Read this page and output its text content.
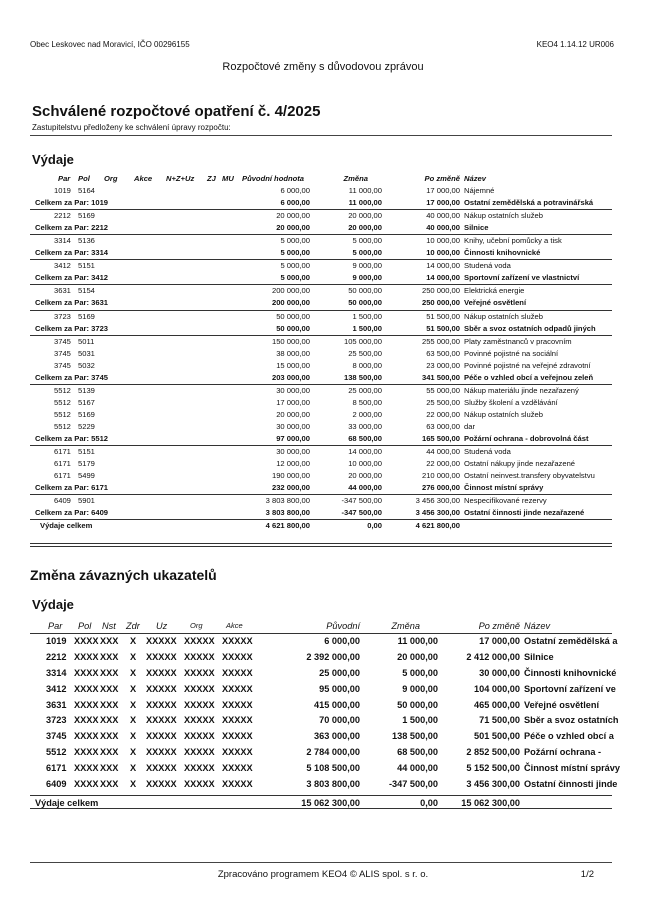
Obec Leskovec nad Moravicí, IČO 00296155	KEO4 1.14.12 UR006
Rozpočtové změny s důvodovou zprávou
Schválené rozpočtové opatření č. 4/2025
Zastupitelstvu předloženy ke schválení úpravy rozpočtu:
Výdaje
Par Pol Org Akce N+Z+Uz ZJ MU Původní hodnota	Změna	Po změně Název
1019 5164	6 000,00	11 000,00	17 000,00 Nájemné
Celkem za Par: 1019	6 000,00	11 000,00	17 000,00 Ostatní zemědělská a potravinářská
2212 5169	20 000,00	20 000,00	40 000,00 Nákup ostatních služeb
Celkem za Par: 2212	20 000,00	20 000,00	40 000,00 Silnice
3314 5136	5 000,00	5 000,00	10 000,00 Knihy, učební pomůcky a tisk
Celkem za Par: 3314	5 000,00	5 000,00	10 000,00 Činnosti knihovnické
3412 5151	5 000,00	9 000,00	14 000,00 Studená voda
Celkem za Par: 3412	5 000,00	9 000,00	14 000,00 Sportovní zařízení ve vlastnictví
3631 5154	200 000,00	50 000,00	250 000,00 Elektrická energie
Celkem za Par: 3631	200 000,00	50 000,00	250 000,00 Veřejné osvětlení
3723 5169	50 000,00	1 500,00	51 500,00 Nákup ostatních služeb
Celkem za Par: 3723	50 000,00	1 500,00	51 500,00 Sběr a svoz ostatních odpadů jiných
3745 5011	150 000,00	105 000,00	255 000,00 Platy zaměstnanců v pracovním
3745 5031	38 000,00	25 500,00	63 500,00 Povinné pojistné na sociální
3745 5032	15 000,00	8 000,00	23 000,00 Povinné pojistné na veřejné zdravotní
Celkem za Par: 3745	203 000,00	138 500,00	341 500,00 Péče o vzhled obcí a veřejnou zeleň
5512 5139	30 000,00	25 000,00	55 000,00 Nákup materiálu jinde nezařazený
5512 5167	17 000,00	8 500,00	25 500,00 Služby školení a vzdělávání
5512 5169	20 000,00	2 000,00	22 000,00 Nákup ostatních služeb
5512 5229	30 000,00	33 000,00	63 000,00 dar
Celkem za Par: 5512	97 000,00	68 500,00	165 500,00 Požární ochrana - dobrovolná část
6171 5151	30 000,00	14 000,00	44 000,00 Studená voda
6171 5179	12 000,00	10 000,00	22 000,00 Ostatní nákupy jinde nezařazené
6171 5499	190 000,00	20 000,00	210 000,00 Ostatní neinvest.transfery obyvatelstvu
Celkem za Par: 6171	232 000,00	44 000,00	276 000,00 Činnost místní správy
6409 5901	3 803 800,00	-347 500,00	3 456 300,00 Nespecifikované rezervy
Celkem za Par: 6409	3 803 800,00	-347 500,00	3 456 300,00 Ostatní činnosti jinde nezařazené
Výdaje celkem	4 621 800,00	0,00	4 621 800,00
Změna závazných ukazatelů
Výdaje
Par Pol Nst Zdr Uz	Org	Akce	Původní	Změna	Po změně Název
1019 XXXX XXX X XXXXX XXXXX XXXXX	6 000,00	11 000,00	17 000,00 Ostatní zemědělská a
2212 XXXX XXX X XXXXX XXXXX XXXXX	2 392 000,00	20 000,00	2 412 000,00 Silnice
3314 XXXX XXX X XXXXX XXXXX XXXXX	25 000,00	5 000,00	30 000,00 Činnosti knihovnické
3412 XXXX XXX X XXXXX XXXXX XXXXX	95 000,00	9 000,00	104 000,00 Sportovní zařízení ve
3631 XXXX XXX X XXXXX XXXXX XXXXX	415 000,00	50 000,00	465 000,00 Veřejné osvětlení
3723 XXXX XXX X XXXXX XXXXX XXXXX	70 000,00	1 500,00	71 500,00 Sběr a svoz ostatních
3745 XXXX XXX X XXXXX XXXXX XXXXX	363 000,00	138 500,00	501 500,00 Péče o vzhled obcí a
5512 XXXX XXX X XXXXX XXXXX XXXXX	2 784 000,00	68 500,00	2 852 500,00 Požární ochrana -
6171 XXXX XXX X XXXXX XXXXX XXXXX	5 108 500,00	44 000,00	5 152 500,00 Činnost místní správy
6409 XXXX XXX X XXXXX XXXXX XXXXX	3 803 800,00	-347 500,00	3 456 300,00 Ostatní činnosti jinde
Výdaje celkem	15 062 300,00	0,00	15 062 300,00
Zpracováno programem KEO4 © ALIS spol. s r. o.	1/2
